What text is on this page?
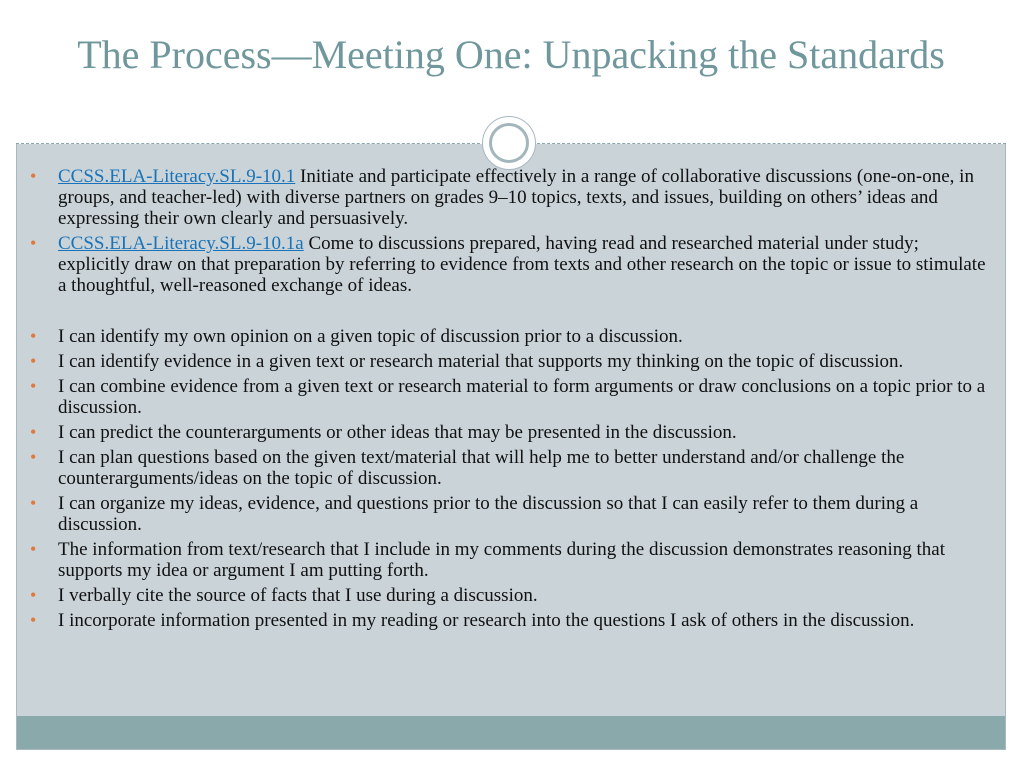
The Process—Meeting One: Unpacking the Standards
• CCSS.ELA-Literacy.SL.9-10.1 Initiate and participate effectively in a range of collaborative discussions (one-on-one, in groups, and teacher-led) with diverse partners on grades 9–10 topics, texts, and issues, building on others’ ideas and expressing their own clearly and persuasively.
• CCSS.ELA-Literacy.SL.9-10.1a Come to discussions prepared, having read and researched material under study; explicitly draw on that preparation by referring to evidence from texts and other research on the topic or issue to stimulate a thoughtful, well-reasoned exchange of ideas.
• I can identify my own opinion on a given topic of discussion prior to a discussion.
• I can identify evidence in a given text or research material that supports my thinking on the topic of discussion.
• I can combine evidence from a given text or research material to form arguments or draw conclusions on a topic prior to a discussion.
• I can predict the counterarguments or other ideas that may be presented in the discussion.
• I can plan questions based on the given text/material that will help me to better understand and/or challenge the counterarguments/ideas on the topic of discussion.
• I can organize my ideas, evidence, and questions prior to the discussion so that I can easily refer to them during a discussion.
• The information from text/research that I include in my comments during the discussion demonstrates reasoning that supports my idea or argument I am putting forth.
• I verbally cite the source of facts that I use during a discussion.
• I incorporate information presented in my reading or research into the questions I ask of others in the discussion.
